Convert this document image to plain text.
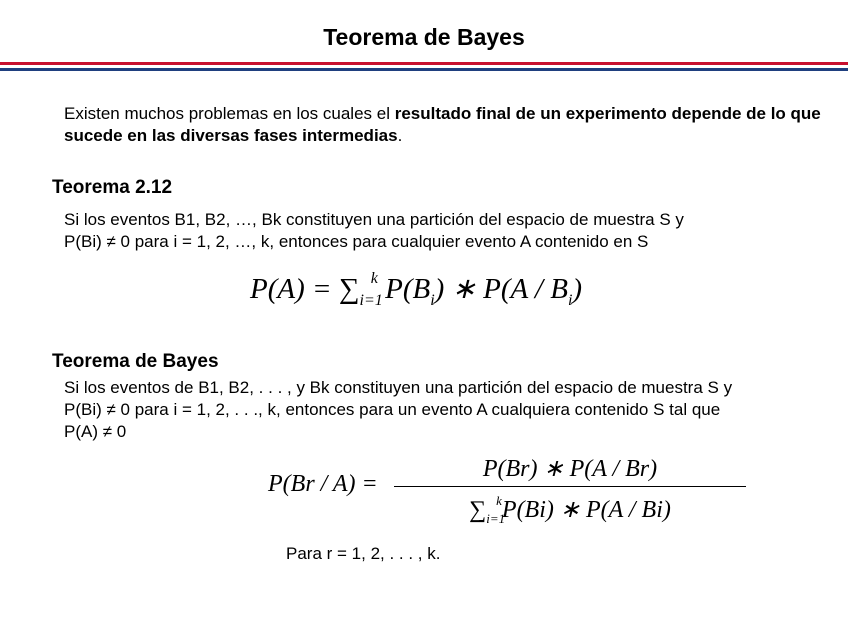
Teorema de Bayes
Existen muchos problemas en los cuales el resultado final de un experimento depende de lo que sucede en las diversas fases intermedias.
Teorema 2.12
Si los eventos B1, B2, …, Bk constituyen una partición del espacio de muestra S y
P(Bi) ≠ 0 para i = 1, 2, …, k, entonces para cualquier evento A contenido en S
$P(A) = \sum_{i=1}^k$ $P(B_i)$ ∗ $P(A / B_i)$
Teorema de Bayes
Si los eventos de B1, B2, . . . , y Bk constituyen una partición del espacio de muestra S y
P(Bi) ≠ 0 para i = 1, 2, . . ., k, entonces para un evento A cualquiera contenido S tal que
P(A) ≠ 0
P(Br / A) =
P(Br) ∗ P(A / Br)
$\sum_{i=1}^kP(Bi)$ ∗ P(A / Bi)
Para r = 1, 2, . . . , k.
